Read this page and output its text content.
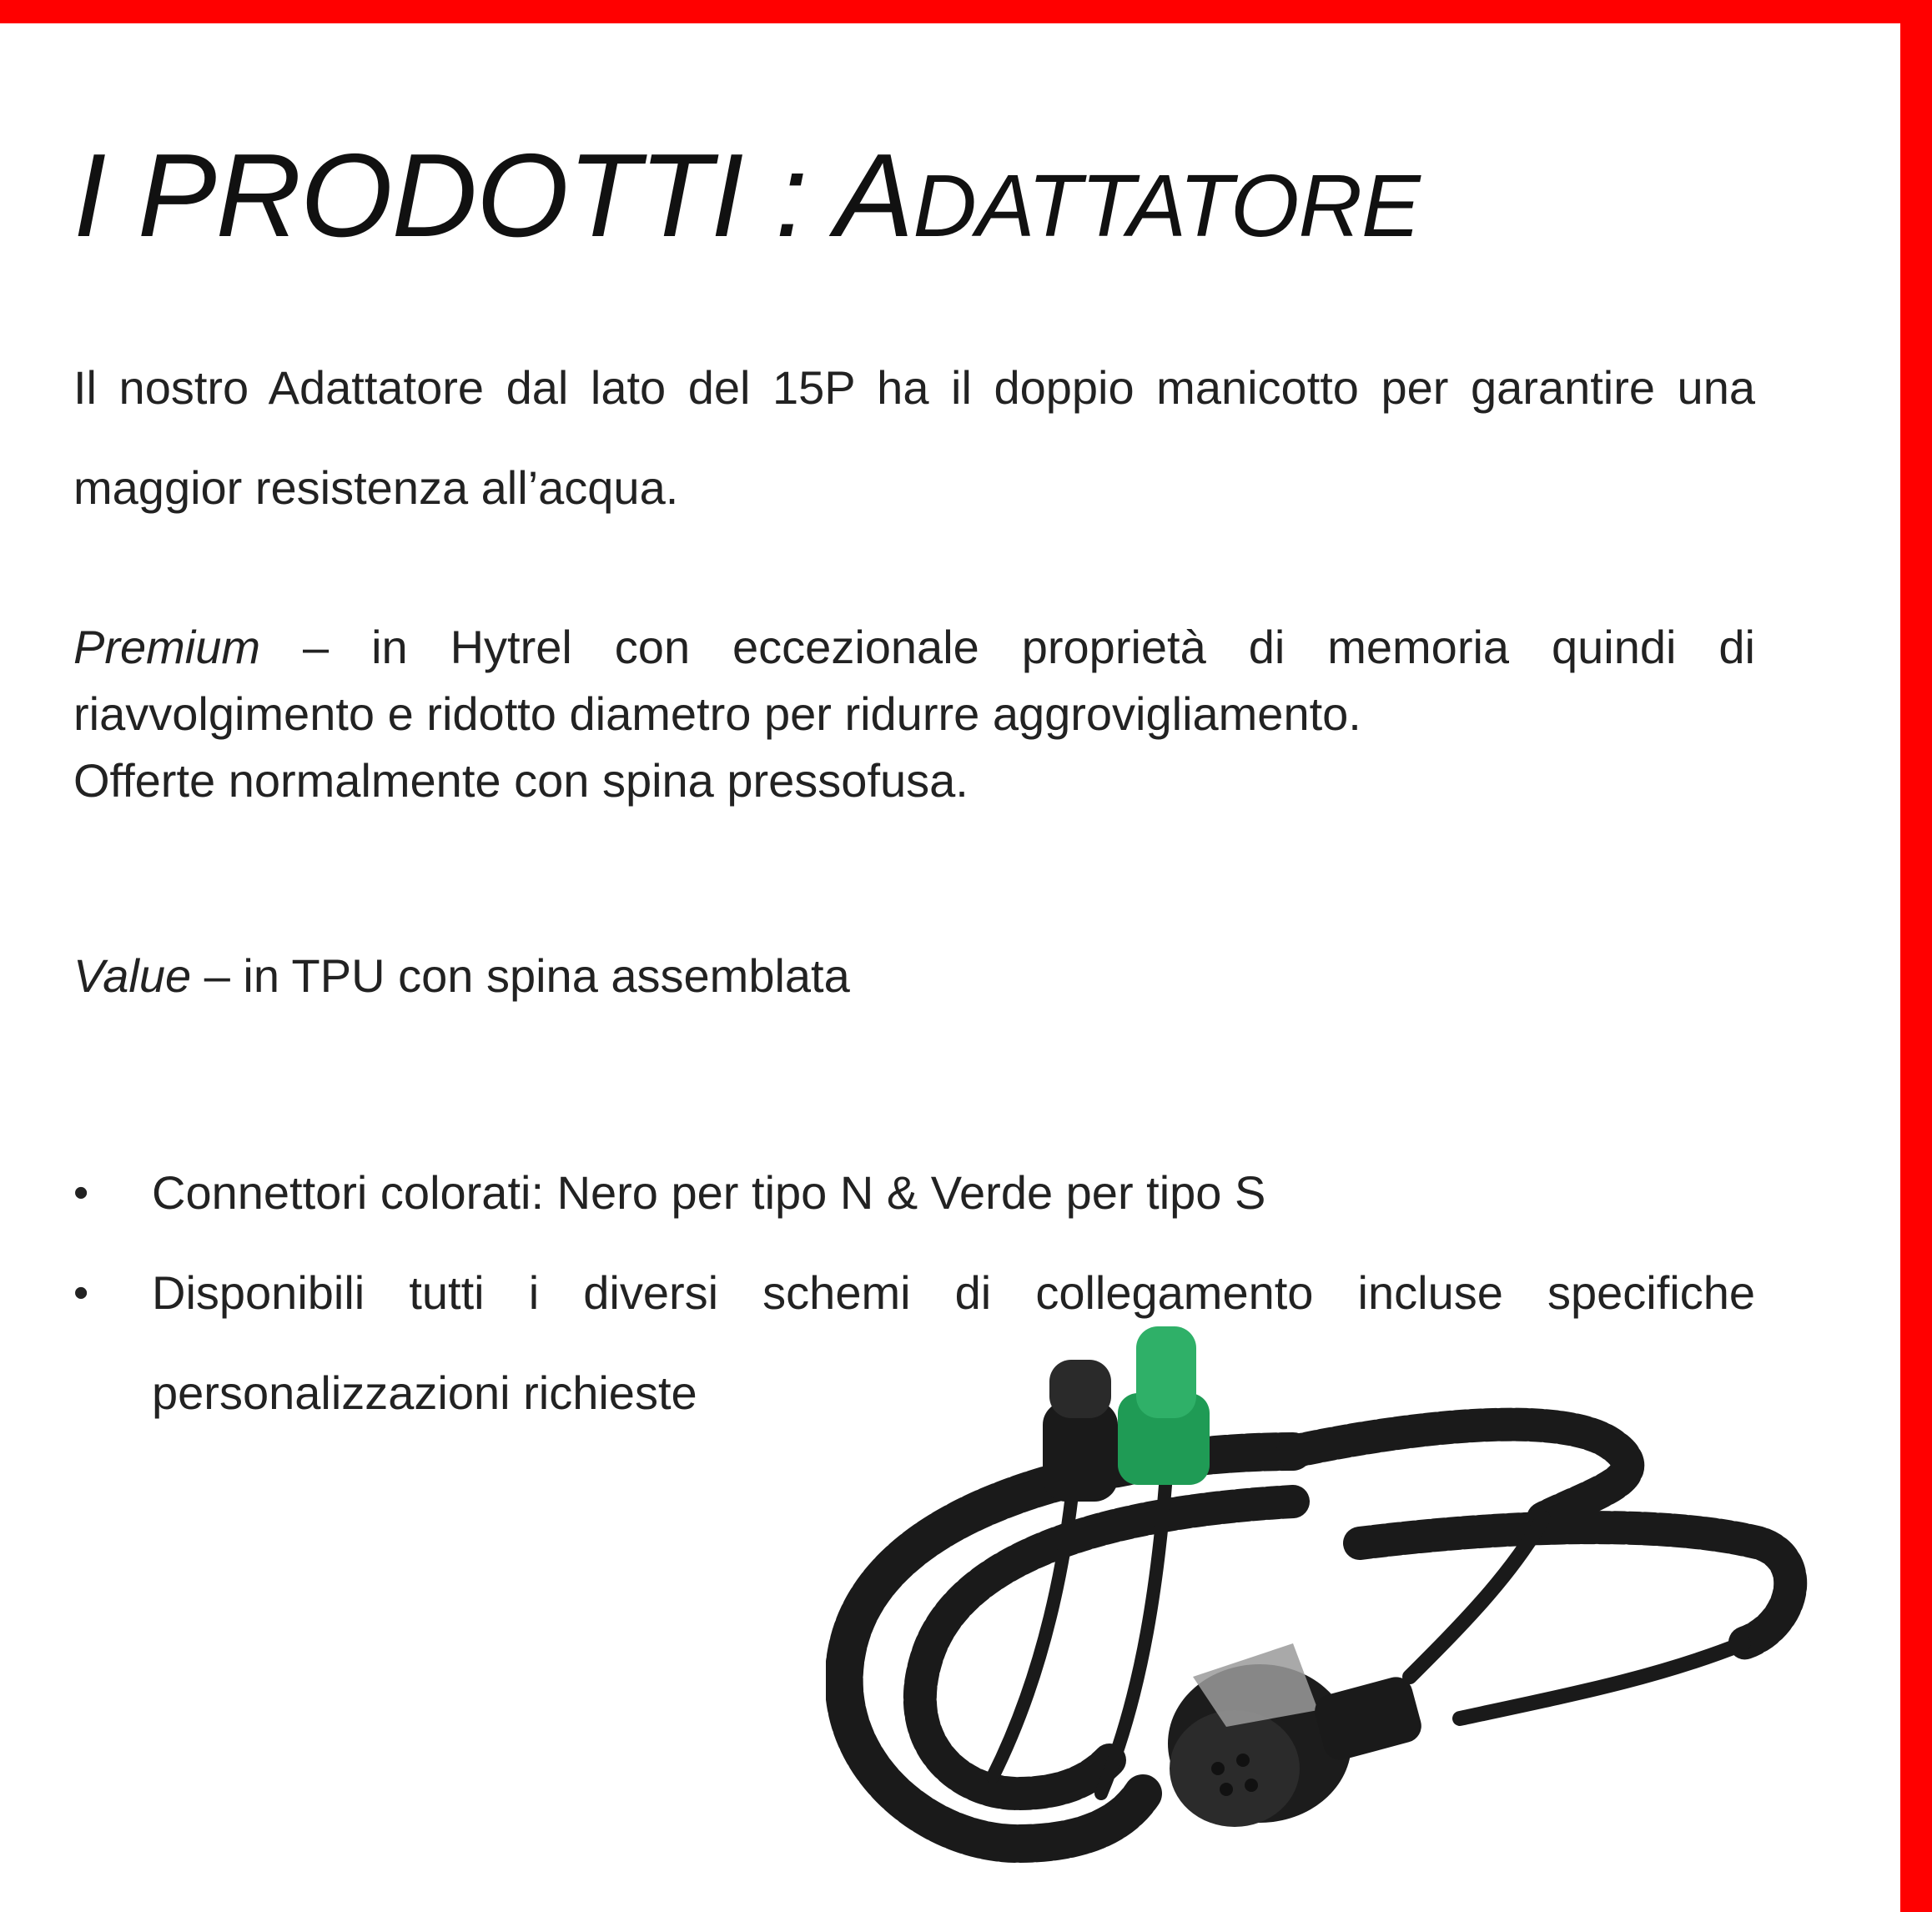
I PRODOTTI : ADATTATORE
Il nostro Adattatore dal lato del 15P ha il doppio manicotto per garantire una maggior resistenza all’acqua.
Premium – in Hytrel con eccezionale proprietà di memoria quindi di riavvolgimento e ridotto diametro per ridurre aggrovigliamento.
Offerte normalmente con spina pressofusa.
Value – in TPU con spina assemblata
• Connettori colorati: Nero per tipo N & Verde per tipo S
• Disponibili tutti i diversi schemi di collegamento incluse specifiche personalizzazioni richieste
